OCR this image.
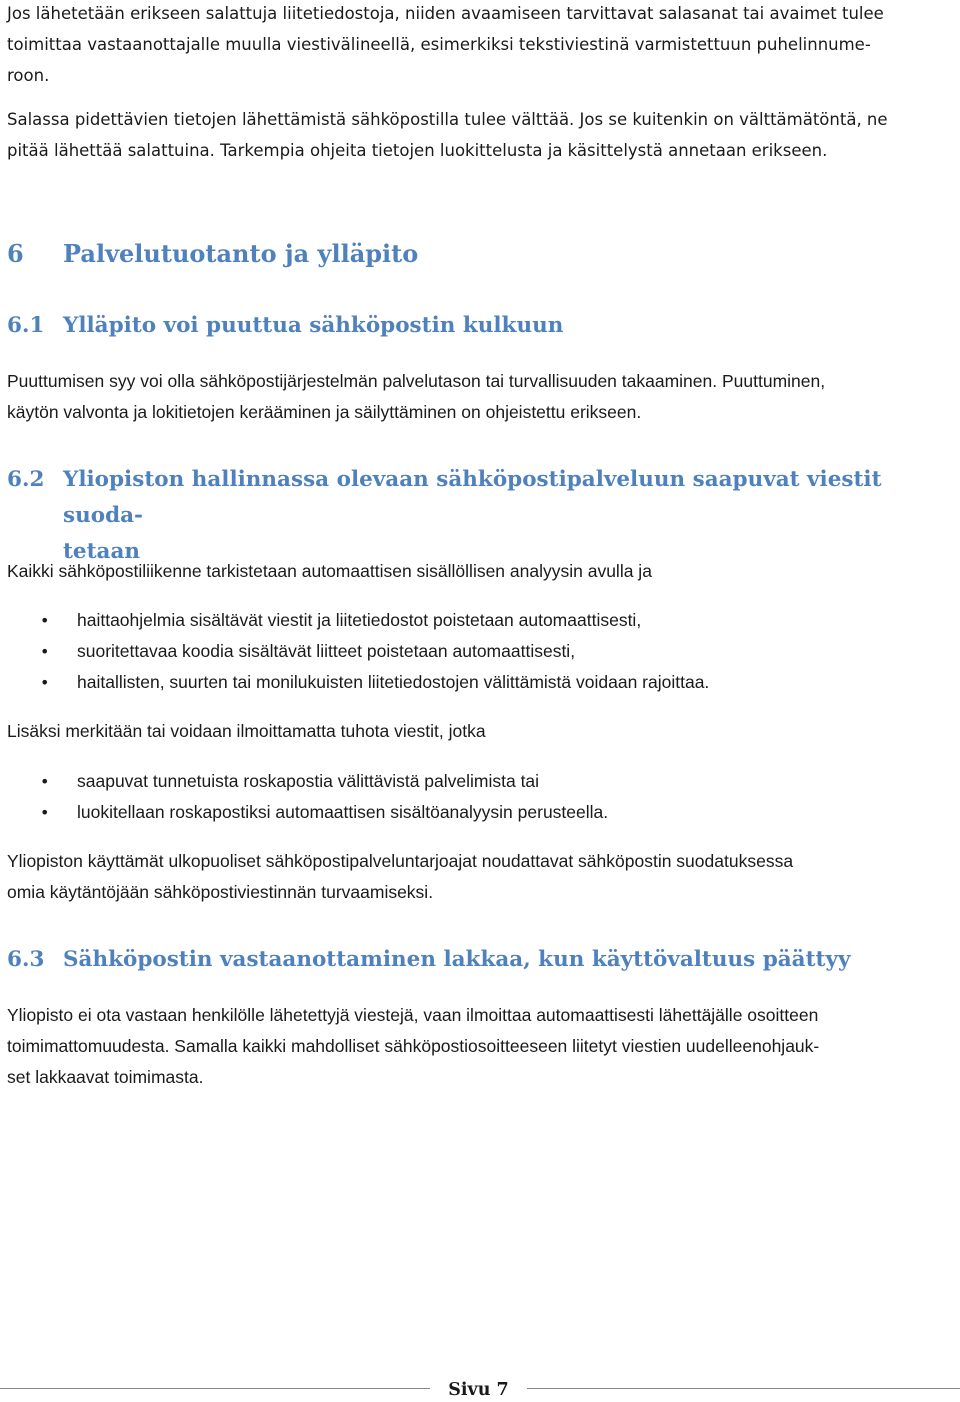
Jos lähetetään erikseen salattuja liitetiedostoja, niiden avaamiseen tarvittavat salasanat tai avaimet tulee
toimittaa vastaanottajalle muulla viestivälineellä, esimerkiksi tekstiviestinä varmistettuun puhelinnume-
roon.

Salassa pidettävien tietojen lähettämistä sähköpostilla tulee välttää. Jos se kuitenkin on välttämätöntä, ne
pitää lähettää salattuina. Tarkempia ohjeita tietojen luokittelusta ja käsittelystä annetaan erikseen.

6 Palvelutuotanto ja ylläpito
6.1 Ylläpito voi puuttua sähköpostin kulkuun

Puuttumisen syy voi olla sähköpostijärjestelmän palvelutason tai turvallisuuden takaaminen. Puuttuminen,
käytön valvonta ja lokitietojen kerääminen ja säilyttäminen on ohjeistettu erikseen.

6.2 Yliopiston hallinnassa olevaan sähköpostipalveluun saapuvat viestit suoda-
tetaan

Kaikki sähköpostiliikenne tarkistetaan automaattisen sisällöllisen analyysin avulla ja

• haittaohjelmia sisältävät viestit ja liitetiedostot poistetaan automaattisesti,
• suoritettavaa koodia sisältävät liitteet poistetaan automaattisesti,
• haitallisten, suurten tai monilukuisten liitetiedostojen välittämistä voidaan rajoittaa.

Lisäksi merkitään tai voidaan ilmoittamatta tuhota viestit, jotka

• saapuvat tunnetuista roskapostia välittävistä palvelimista tai
• luokitellaan roskapostiksi automaattisen sisältöanalyysin perusteella.

Yliopiston käyttämät ulkopuoliset sähköpostipalveluntarjoajat noudattavat sähköpostin suodatuksessa
omia käytäntöjään sähköpostiviestinnän turvaamiseksi.

6.3 Sähköpostin vastaanottaminen lakkaa, kun käyttövaltuus päättyy

Yliopisto ei ota vastaan henkilölle lähetettyjä viestejä, vaan ilmoittaa automaattisesti lähettäjälle osoitteen
toimimattomuudesta. Samalla kaikki mahdolliset sähköpostiosoitteeseen liitetyt viestien uudelleenohjauk-
set lakkaavat toimimasta.

Sivu 7
